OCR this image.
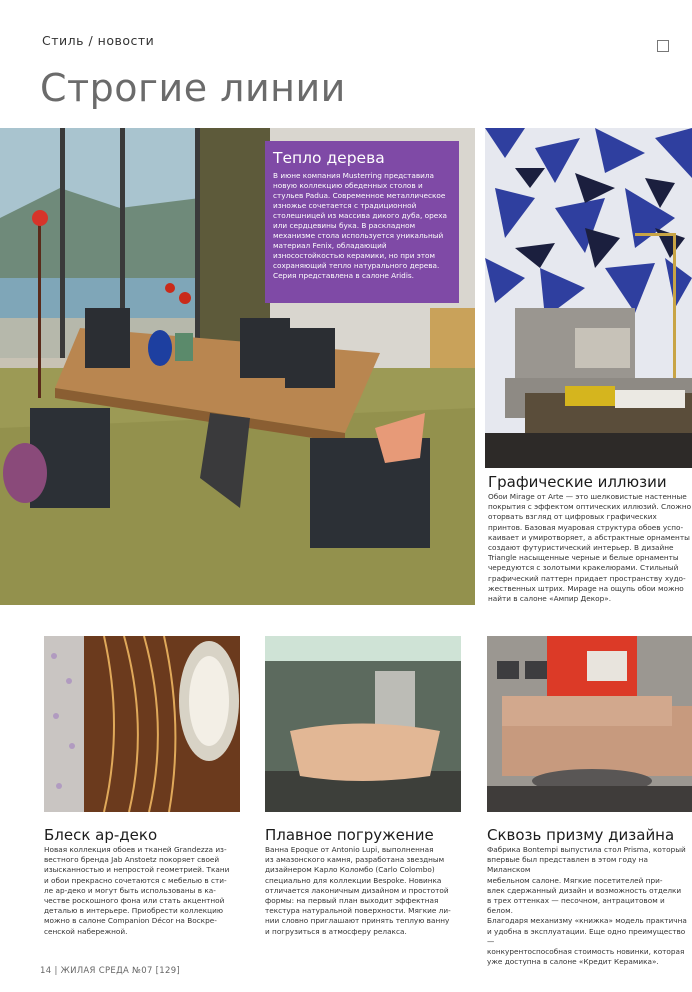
Стиль / новости
Строгие линии
Тепло дерева

В июне компания Musterring представила новую коллекцию обеденных столов и стульев Padua. Современное металлическое изножье сочетается с традиционной столешницей из массива дикого дуба, ореха или сердцевины бука. В раскладном механизме стола используется уникальный материал Fenix, обладающий износостойкостью керамики, но при этом сохраняющий тепло натурального дерева. Серия представлена в салоне Aridis.

Графические иллюзии
Обои Mirage от Arte — это шелковистые настенные
покрытия с эффектом оптических иллюзий. Сложно
оторвать взгляд от цифровых графических
принтов. Базовая муаровая структура обоев успо-
каивает и умиротворяет, а абстрактные орнаменты
создают футуристический интерьер. В дизайне
Triangle насыщенные черные и белые орнаменты
чередуются с золотыми кракелюрами. Стильный
графический паттерн придает пространству худо-
жественных штрих. Мирage на ощупь обои можно
найти в салоне «Ампир Декор».
Блеск ар-деко
Новая коллекция обоев и тканей Grandezza из-
вестного бренда Jab Anstoetz покоряет своей
изысканностью и непростой геометрией. Ткани
и обои прекрасно сочетаются с мебелью в сти-
ле ар-деко и могут быть использованы в ка-
честве роскошного фона или стать акцентной
деталью в интерьере. Приобрести коллекцию
можно в салоне Companion Décor на Воскре-
сенской набережной.
Плавное погружение
Ванна Epoque от Antonio Lupi, выполненная
из амазонского камня, разработана звездным
дизайнером Карло Коломбо (Carlo Colombo)
специально для коллекции Bespoke. Новинка
отличается лаконичным дизайном и простотой
формы: на первый план выходит эффектная
текстура натуральной поверхности. Мягкие ли-
нии словно приглашают принять теплую ванну
и погрузиться в атмосферу релакса.
Сквозь призму дизайна
Фабрика Bontempi выпустила стол Prisma, который
впервые был представлен в этом году на Миланском
мебельном салоне. Мягкие посетителей при-
влек сдержанный дизайн и возможность отделки
в трех оттенках — песочном, антрацитовом и белом.
Благодаря механизму «книжка» модель практична
и удобна в эксплуатации. Еще одно преимущество —
конкурентоспособная стоимость новинки, которая
уже доступна в салоне «Кредит Керамика».
14 | ЖИЛАЯ СРЕДА №07 [129]
